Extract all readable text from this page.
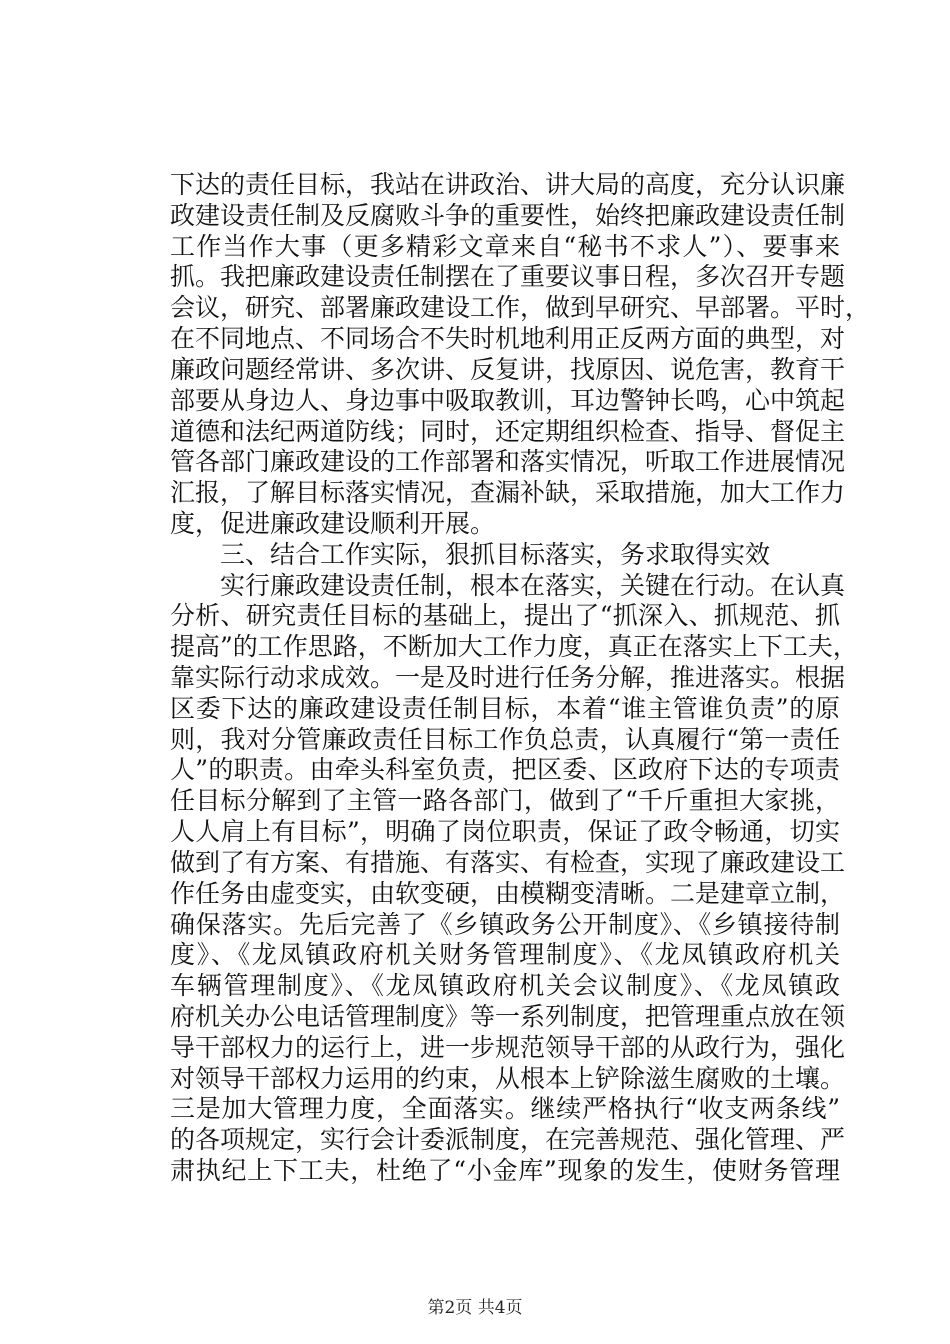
下达的责任目标，我站在讲政治、讲大局的高度，充分认识廉
政建设责任制及反腐败斗争的重要性，始终把廉政建设责任制
工作当作大事（更多精彩文章来自“秘书不求人”）、要事来
抓。我把廉政建设责任制摆在了重要议事日程，多次召开专题
会议，研究、部署廉政建设工作，做到早研究、早部署。平时，
在不同地点、不同场合不失时机地利用正反两方面的典型，对
廉政问题经常讲、多次讲、反复讲，找原因、说危害，教育干
部要从身边人、身边事中吸取教训，耳边警钟长鸣，心中筑起
道德和法纪两道防线；同时，还定期组织检查、指导、督促主
管各部门廉政建设的工作部署和落实情况，听取工作进展情况
汇报，了解目标落实情况，查漏补缺，采取措施，加大工作力
度，促进廉政建设顺利开展。
三、结合工作实际，狠抓目标落实，务求取得实效
实行廉政建设责任制，根本在落实，关键在行动。在认真
分析、研究责任目标的基础上，提出了“抓深入、抓规范、抓
提高”的工作思路，不断加大工作力度，真正在落实上下工夫，
靠实际行动求成效。一是及时进行任务分解，推进落实。根据
区委下达的廉政建设责任制目标，本着“谁主管谁负责”的原
则，我对分管廉政责任目标工作负总责，认真履行“第一责任
人”的职责。由牵头科室负责，把区委、区政府下达的专项责
任目标分解到了主管一路各部门，做到了“千斤重担大家挑，
人人肩上有目标”，明确了岗位职责，保证了政令畅通，切实
做到了有方案、有措施、有落实、有检查，实现了廉政建设工
作任务由虚变实，由软变硬，由模糊变清晰。二是建章立制，
确保落实。先后完善了《乡镇政务公开制度》、《乡镇接待制
度》、《龙凤镇政府机关财务管理制度》、《龙凤镇政府机关
车辆管理制度》、《龙凤镇政府机关会议制度》、《龙凤镇政
府机关办公电话管理制度》等一系列制度，把管理重点放在领
导干部权力的运行上，进一步规范领导干部的从政行为，强化
对领导干部权力运用的约束，从根本上铲除滋生腐败的土壤。
三是加大管理力度，全面落实。继续严格执行“收支两条线”
的各项规定，实行会计委派制度，在完善规范、强化管理、严
肃执纪上下工夫，杜绝了“小金库”现象的发生，使财务管理
第2页 共4页
